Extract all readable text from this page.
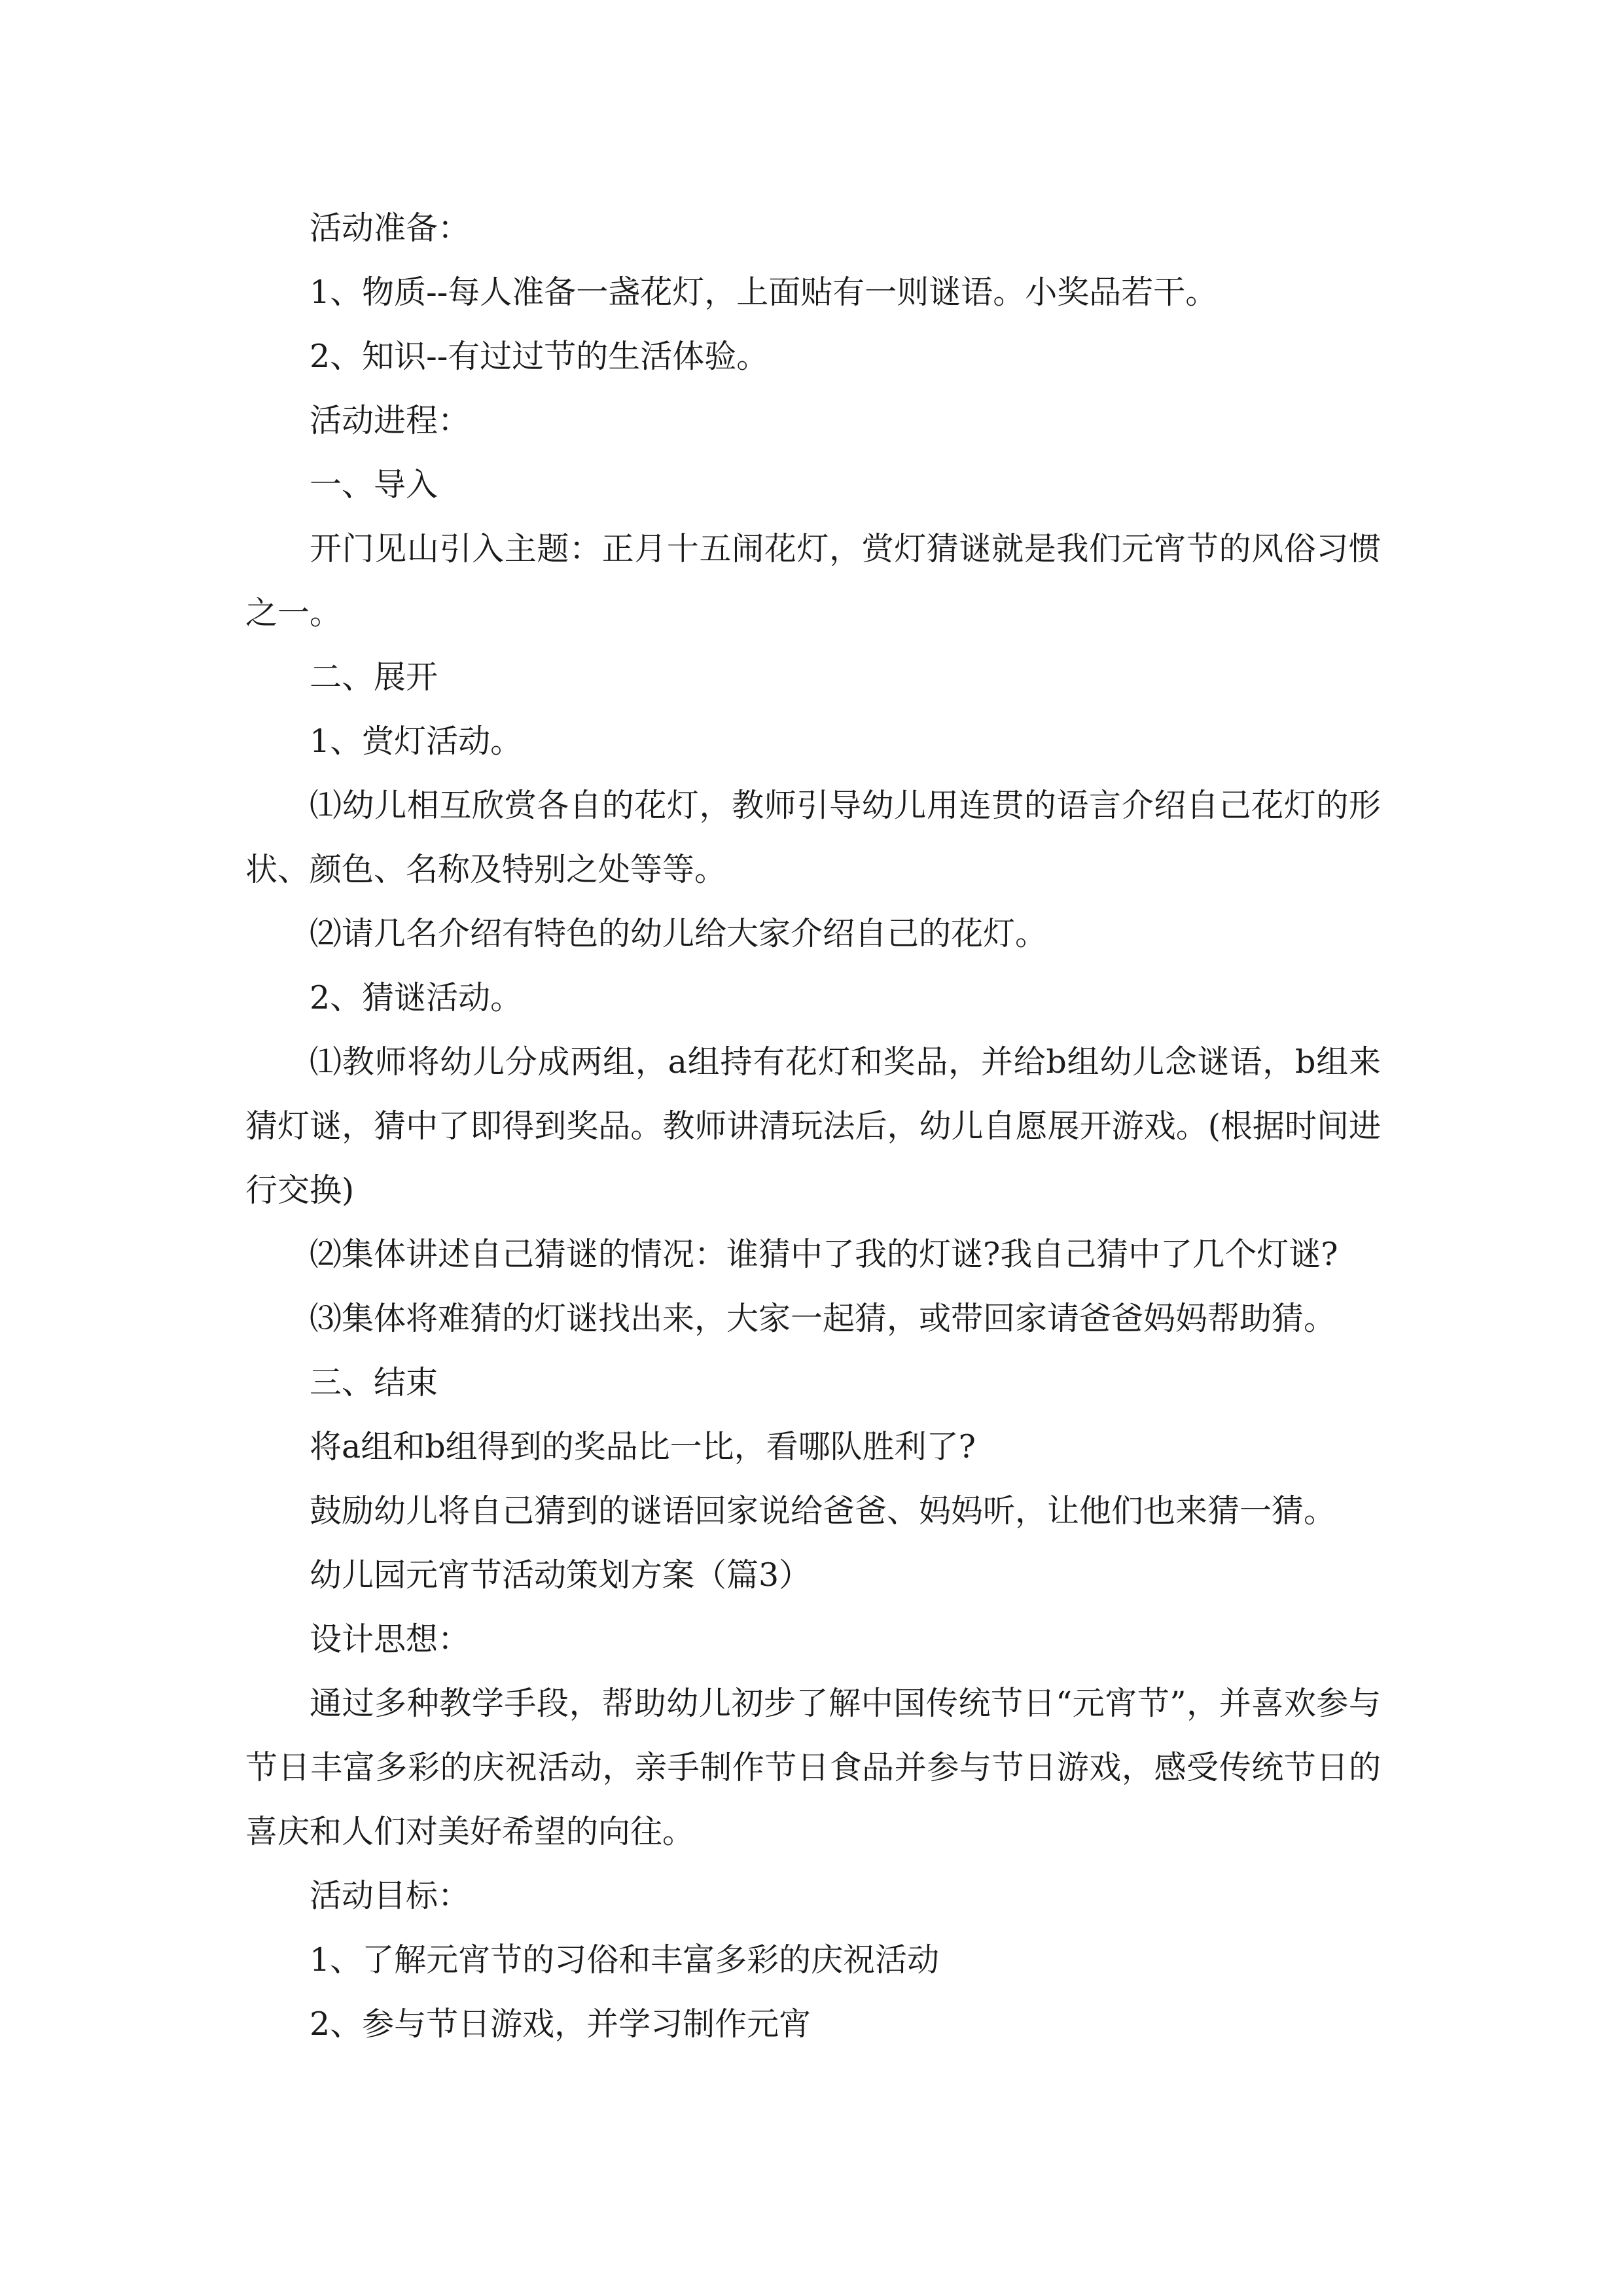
活动准备：

1、物质--每人准备一盏花灯，上面贴有一则谜语。小奖品若干。

2、知识--有过过节的生活体验。

活动进程：

一、导入

开门见山引入主题：正月十五闹花灯，赏灯猜谜就是我们元宵节的风俗习惯之一。

二、展开

1、赏灯活动。

⑴幼儿相互欣赏各自的花灯，教师引导幼儿用连贯的语言介绍自己花灯的形状、颜色、名称及特别之处等等。

⑵请几名介绍有特色的幼儿给大家介绍自己的花灯。

2、猜谜活动。

⑴教师将幼儿分成两组，a组持有花灯和奖品，并给b组幼儿念谜语，b组来猜灯谜，猜中了即得到奖品。教师讲清玩法后，幼儿自愿展开游戏。(根据时间进行交换)

⑵集体讲述自己猜谜的情况：谁猜中了我的灯谜?我自己猜中了几个灯谜?

⑶集体将难猜的灯谜找出来，大家一起猜，或带回家请爸爸妈妈帮助猜。

三、结束

将a组和b组得到的奖品比一比，看哪队胜利了?

鼓励幼儿将自己猜到的谜语回家说给爸爸、妈妈听，让他们也来猜一猜。

幼儿园元宵节活动策划方案（篇3）

设计思想：

通过多种教学手段，帮助幼儿初步了解中国传统节日“元宵节”，并喜欢参与节日丰富多彩的庆祝活动，亲手制作节日食品并参与节日游戏，感受传统节日的喜庆和人们对美好希望的向往。

活动目标：

1、了解元宵节的习俗和丰富多彩的庆祝活动

2、参与节日游戏，并学习制作元宵
